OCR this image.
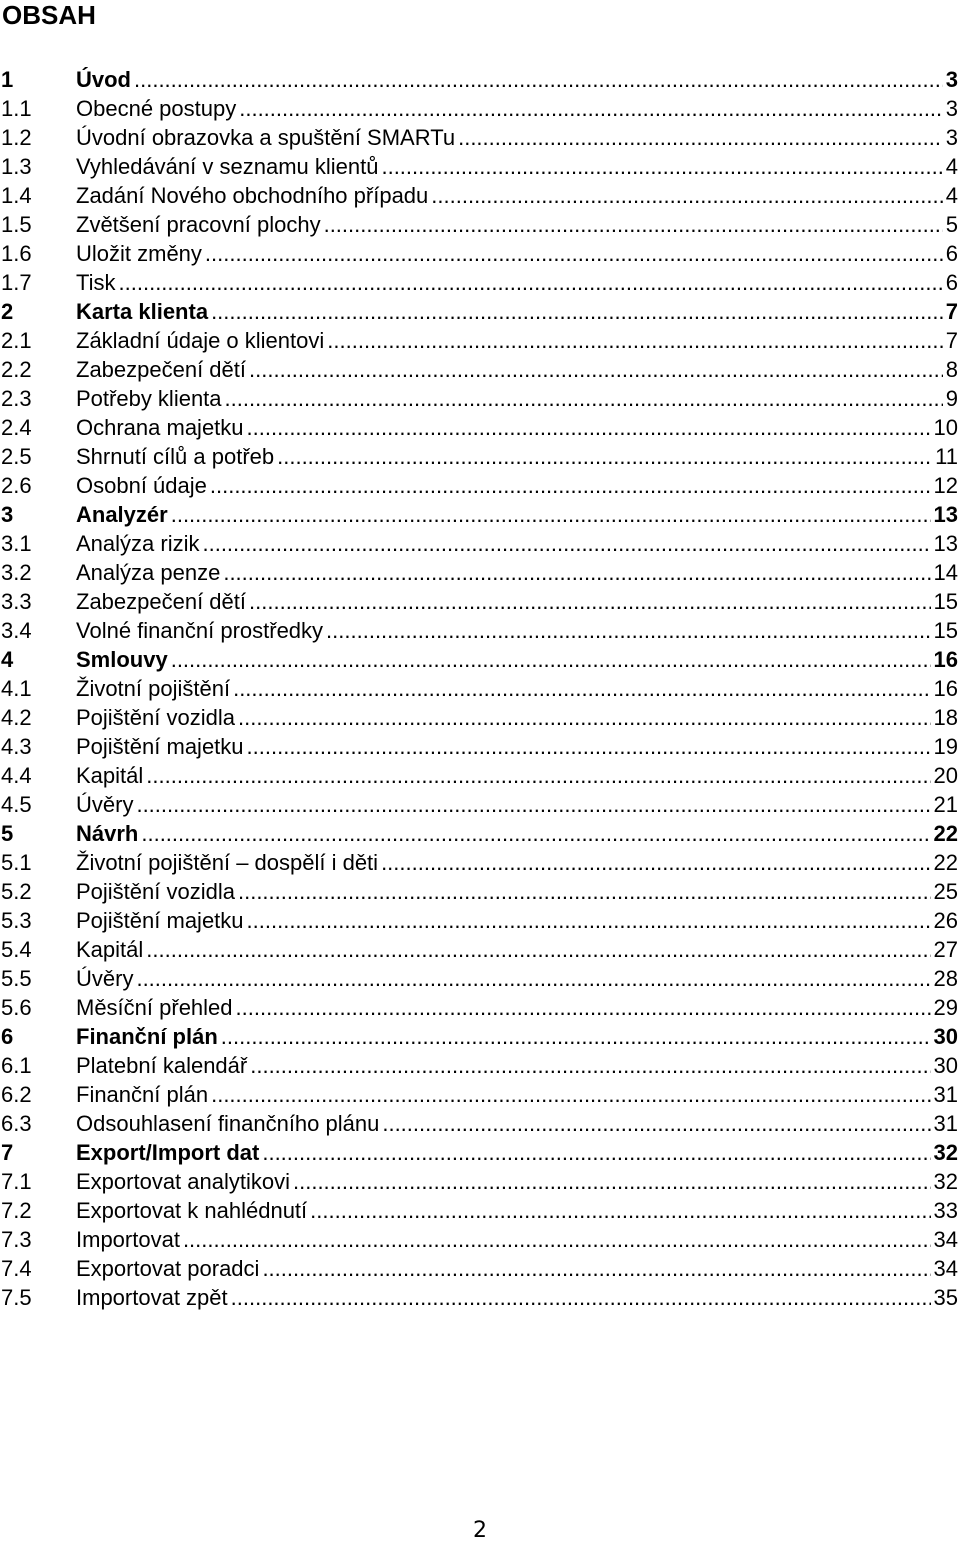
OBSAH
1	Úvod .....	3
1.1	Obecné postupy .....	3
1.2	Úvodní obrazovka a spuštění SMARTu .....	3
1.3	Vyhledávání v seznamu klientů .....	4
1.4	Zadání Nového obchodního případu .....	4
1.5	Zvětšení pracovní plochy .....	5
1.6	Uložit změny .....	6
1.7	Tisk .....	6
2	Karta klienta .....	7
2.1	Základní údaje o klientovi .....	7
2.2	Zabezpečení dětí .....	8
2.3	Potřeby klienta .....	9
2.4	Ochrana majetku .....	10
2.5	Shrnutí cílů a potřeb .....	11
2.6	Osobní údaje .....	12
3	Analyzér .....	13
3.1	Analýza rizik .....	13
3.2	Analýza penze .....	14
3.3	Zabezpečení dětí .....	15
3.4	Volné finanční prostředky .....	15
4	Smlouvy .....	16
4.1	Životní pojištění .....	16
4.2	Pojištění vozidla .....	18
4.3	Pojištění majetku .....	19
4.4	Kapitál .....	20
4.5	Úvěry .....	21
5	Návrh .....	22
5.1	Životní pojištění – dospělí i děti .....	22
5.2	Pojištění vozidla .....	25
5.3	Pojištění majetku .....	26
5.4	Kapitál .....	27
5.5	Úvěry .....	28
5.6	Měsíční přehled .....	29
6	Finanční plán .....	30
6.1	Platební kalendář .....	30
6.2	Finanční plán .....	31
6.3	Odsouhlasení finančního plánu .....	31
7	Export/Import dat .....	32
7.1	Exportovat analytikovi .....	32
7.2	Exportovat k nahlédnutí .....	33
7.3	Importovat .....	34
7.4	Exportovat poradci .....	34
7.5	Importovat zpět .....	35
2
